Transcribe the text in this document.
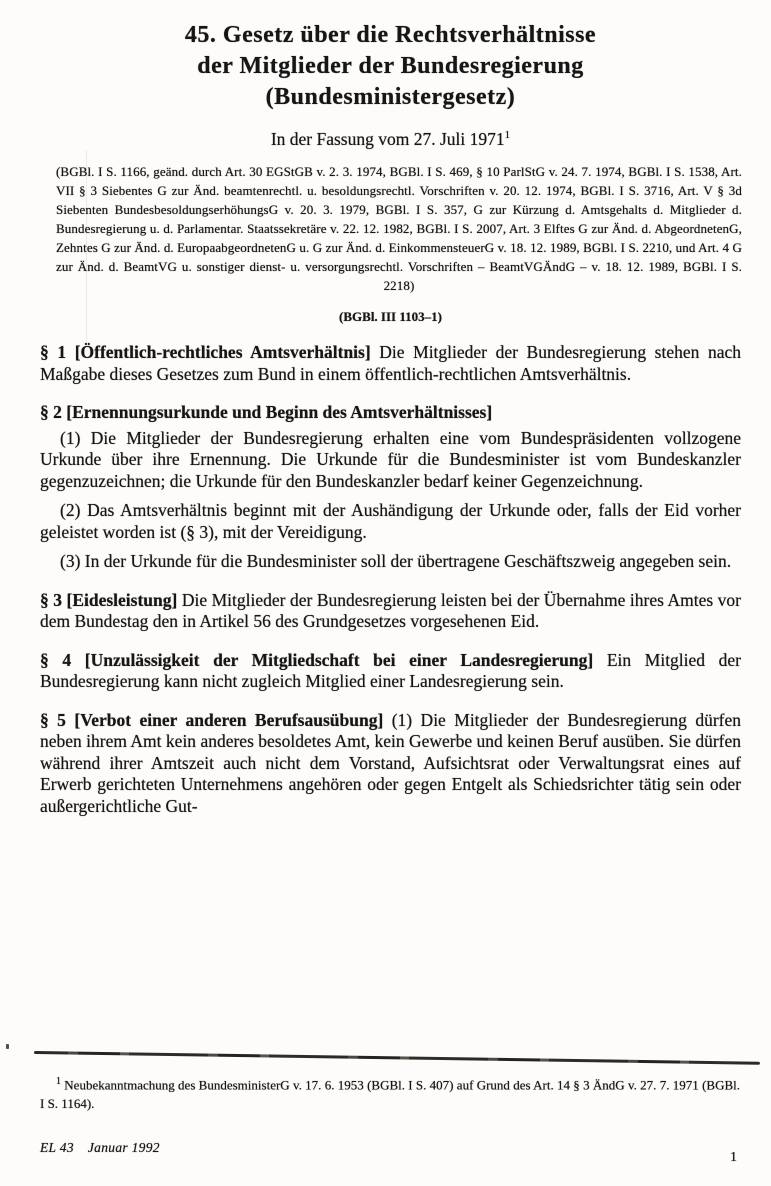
45. Gesetz über die Rechtsverhältnisse
der Mitglieder der Bundesregierung
(Bundesministergesetz)
In der Fassung vom 27. Juli 1971$^1$
(BGBl. I S. 1166, geänd. durch Art. 30 EGStGB v. 2. 3. 1974, BGBl. I S. 469, § 10 ParlStG v. 24. 7. 1974, BGBl. I S. 1538, Art. VII § 3 Siebentes G zur Änd. beamtenrechtl. u. besoldungsrechtl. Vorschriften v. 20. 12. 1974, BGBl. I S. 3716, Art. V § 3d Siebenten BundesbesoldungserhöhungsG v. 20. 3. 1979, BGBl. I S. 357, G zur Kürzung d. Amtsgehalts d. Mitglieder d. Bundesregierung u. d. Parlamentar. Staatssekretäre v. 22. 12. 1982, BGBl. I S. 2007, Art. 3 Elftes G zur Änd. d. AbgeordnetenG, Zehntes G zur Änd. d. EuropaabgeordnetenG u. G zur Änd. d. EinkommensteuerG v. 18. 12. 1989, BGBl. I S. 2210, und Art. 4 G zur Änd. d. BeamtVG u. sonstiger dienst- u. versorgungsrechtl. Vorschriften – BeamtVGÄndG – v. 18. 12. 1989, BGBl. I S. 2218)
(BGBl. III 1103–1)

§ 1 [Öffentlich-rechtliches Amtsverhältnis] Die Mitglieder der Bundesregierung stehen nach Maßgabe dieses Gesetzes zum Bund in einem öffentlich-rechtlichen Amtsverhältnis.

§ 2 [Ernennungsurkunde und Beginn des Amtsverhältnisses]

(1) Die Mitglieder der Bundesregierung erhalten eine vom Bundespräsidenten vollzogene Urkunde über ihre Ernennung. Die Urkunde für die Bundesminister ist vom Bundeskanzler gegenzuzeichnen; die Urkunde für den Bundeskanzler bedarf keiner Gegenzeichnung.

(2) Das Amtsverhältnis beginnt mit der Aushändigung der Urkunde oder, falls der Eid vorher geleistet worden ist (§ 3), mit der Vereidigung.

(3) In der Urkunde für die Bundesminister soll der übertragene Geschäftszweig angegeben sein.

§ 3 [Eidesleistung] Die Mitglieder der Bundesregierung leisten bei der Übernahme ihres Amtes vor dem Bundestag den in Artikel 56 des Grundgesetzes vorgesehenen Eid.

§ 4 [Unzulässigkeit der Mitgliedschaft bei einer Landesregierung] Ein Mitglied der Bundesregierung kann nicht zugleich Mitglied einer Landesregierung sein.

§ 5 [Verbot einer anderen Berufsausübung] (1) Die Mitglieder der Bundesregierung dürfen neben ihrem Amt kein anderes besoldetes Amt, kein Gewerbe und keinen Beruf ausüben. Sie dürfen während ihrer Amtszeit auch nicht dem Vorstand, Aufsichtsrat oder Verwaltungsrat eines auf Erwerb gerichteten Unternehmens angehören oder gegen Entgelt als Schiedsrichter tätig sein oder außergerichtliche Gut-

$^1$ Neubekanntmachung des BundesministerG v. 17. 6. 1953 (BGBl. I S. 407) auf Grund des Art. 14 § 3 ÄndG v. 27. 7. 1971 (BGBl. I S. 1164).
EL 43 Januar 1992
1
